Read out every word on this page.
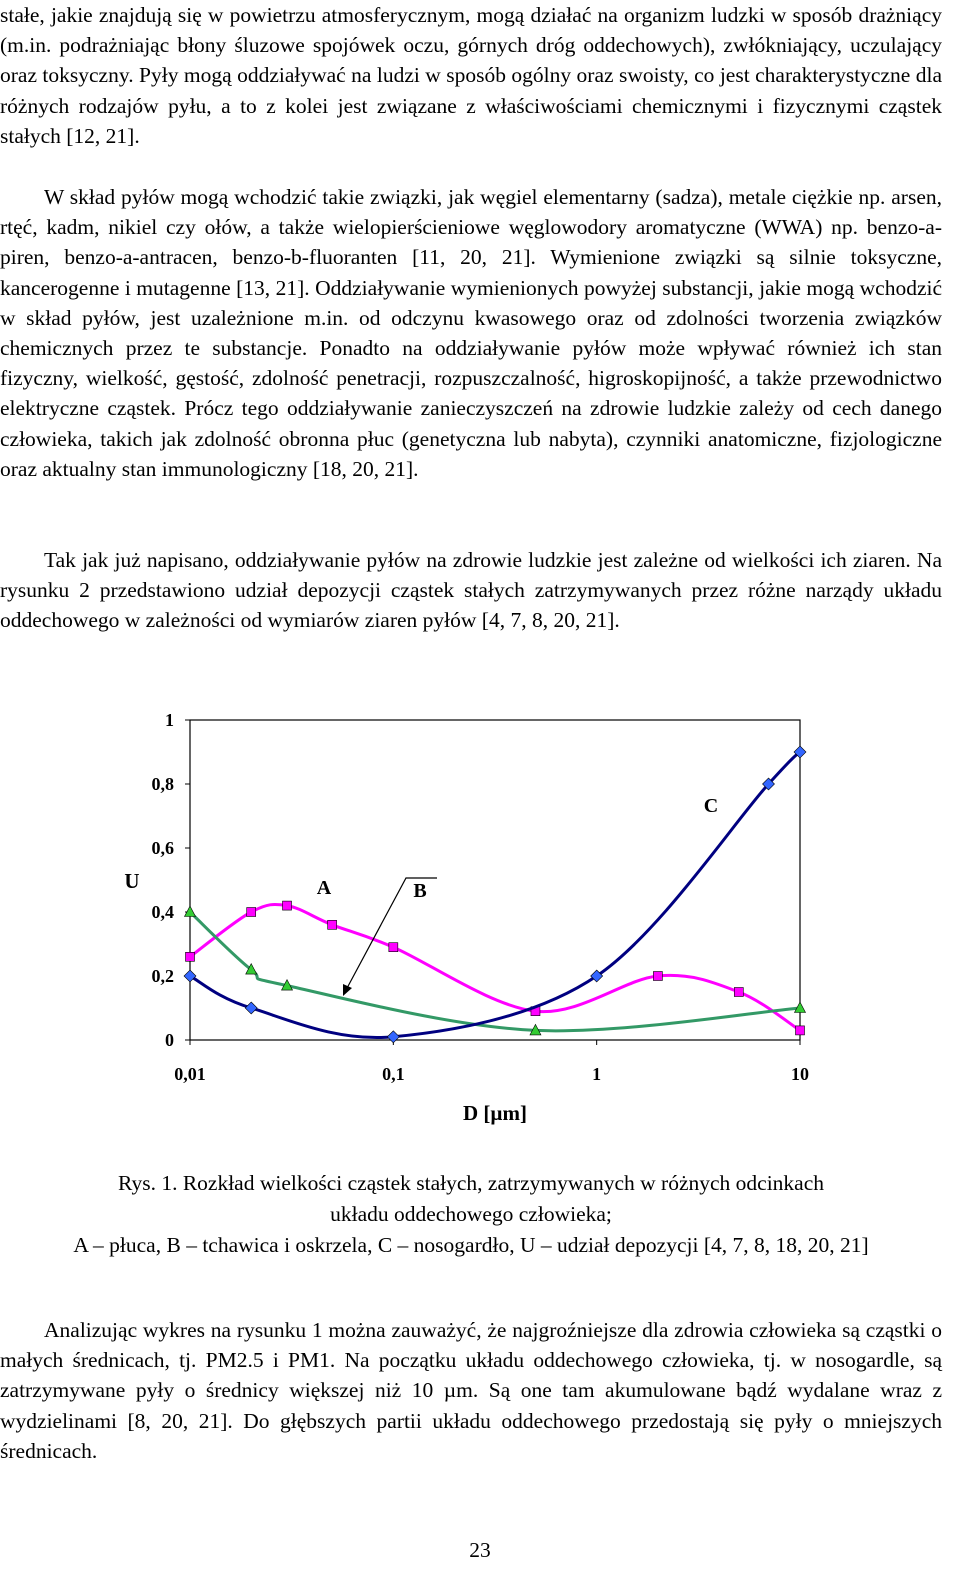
stałe, jakie znajdują się w powietrzu atmosferycznym, mogą działać na organizm ludzki w sposób drażniący (m.in. podrażniając błony śluzowe spojówek oczu, górnych dróg oddechowych), zwłókniający, uczulający oraz toksyczny. Pyły mogą oddziaływać na ludzi w sposób ogólny oraz swoisty, co jest charakterystyczne dla różnych rodzajów pyłu, a to z kolei jest związane z właściwościami chemicznymi i fizycznymi cząstek stałych [12, 21].

W skład pyłów mogą wchodzić takie związki, jak węgiel elementarny (sadza), metale ciężkie np. arsen, rtęć, kadm, nikiel czy ołów, a także wielopierścieniowe węglowodory aromatyczne (WWA) np. benzo-a-piren, benzo-a-antracen, benzo-b-fluoranten [11, 20, 21]. Wymienione związki są silnie toksyczne, kancerogenne i mutagenne [13, 21]. Oddziaływanie wymienionych powyżej substancji, jakie mogą wchodzić w skład pyłów, jest uzależnione m.in. od odczynu kwasowego oraz od zdolności tworzenia związków chemicznych przez te substancje. Ponadto na oddziaływanie pyłów może wpływać również ich stan fizyczny, wielkość, gęstość, zdolność penetracji, rozpuszczalność, higroskopijność, a także przewodnictwo elektryczne cząstek. Prócz tego oddziaływanie zanieczyszczeń na zdrowie ludzkie zależy od cech danego człowieka, takich jak zdolność obronna płuc (genetyczna lub nabyta), czynniki anatomiczne, fizjologiczne oraz aktualny stan immunologiczny [18, 20, 21].

Tak jak już napisano, oddziaływanie pyłów na zdrowie ludzkie jest zależne od wielkości ich ziaren. Na rysunku 2 przedstawiono udział depozycji cząstek stałych zatrzymywanych przez różne narządy układu oddechowego w zależności od wymiarów ziaren pyłów [4, 7, 8, 20, 21].

0
0,2
0,4
0,6
0,8
1
0,01	0,1	1	10
D [µm]
U	A	B
C
Rys. 1. Rozkład wielkości cząstek stałych, zatrzymywanych w różnych odcinkach
układu oddechowego człowieka;
A – płuca, B – tchawica i oskrzela, C – nosogardło, U – udział depozycji [4, 7, 8, 18, 20, 21]

Analizując wykres na rysunku 1 można zauważyć, że najgroźniejsze dla zdrowia człowieka są cząstki o małych średnicach, tj. PM2.5 i PM1. Na początku układu oddechowego człowieka, tj. w nosogardle, są zatrzymywane pyły o średnicy większej niż 10 µm. Są one tam akumulowane bądź wydalane wraz z wydzielinami [8, 20, 21]. Do głębszych partii układu oddechowego przedostają się pyły o mniejszych średnicach.

23
